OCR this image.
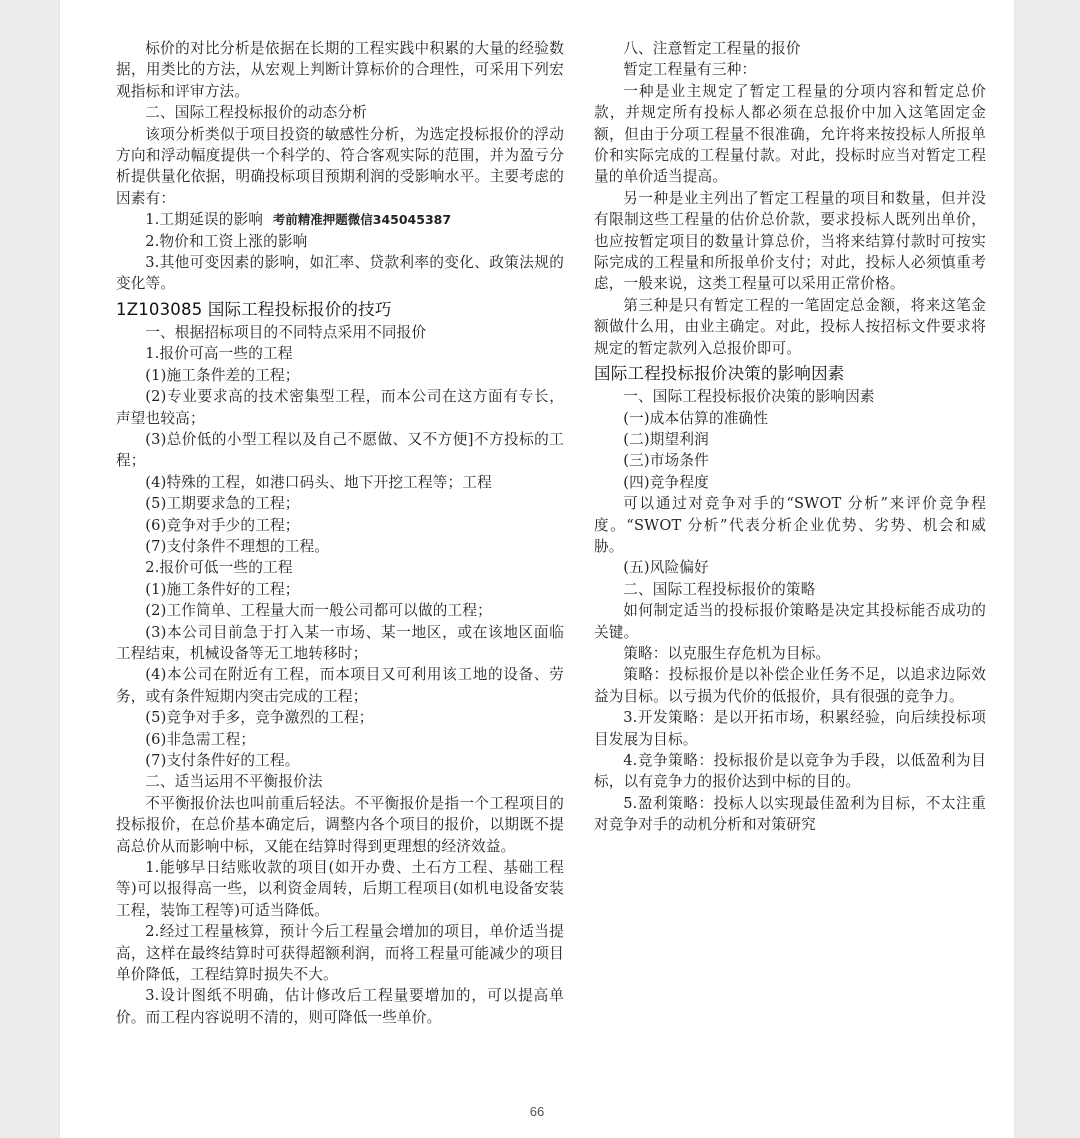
标价的对比分析是依据在长期的工程实践中积累的大量的经验数据，用类比的方法，从宏观上判断计算标价的合理性，可采用下列宏观指标和评审方法。

二、国际工程投标报价的动态分析

该项分析类似于项目投资的敏感性分析，为选定投标报价的浮动方向和浮动幅度提供一个科学的、符合客观实际的范围，并为盈亏分析提供量化依据，明确投标项目预期利润的受影响水平。主要考虑的因素有：

1.工期延误的影响 考前精准押题微信345045387

2.物价和工资上涨的影响

3.其他可变因素的影响，如汇率、贷款利率的变化、政策法规的变化等。

1Z103085 国际工程投标报价的技巧

一、根据招标项目的不同特点采用不同报价

1.报价可高一些的工程

(1)施工条件差的工程；

(2)专业要求高的技术密集型工程，而本公司在这方面有专长，声望也较高；

(3)总价低的小型工程以及自己不愿做、又不方便]不方投标的工程；

(4)特殊的工程，如港口码头、地下开挖工程等；工程

(5)工期要求急的工程；

(6)竞争对手少的工程；

(7)支付条件不理想的工程。

2.报价可低一些的工程

(1)施工条件好的工程；

(2)工作简单、工程量大而一般公司都可以做的工程；

(3)本公司目前急于打入某一市场、某一地区，或在该地区面临工程结束，机械设备等无工地转移时；

(4)本公司在附近有工程，而本项目又可利用该工地的设备、劳务，或有条件短期内突击完成的工程；

(5)竞争对手多，竞争激烈的工程；

(6)非急需工程；

(7)支付条件好的工程。

二、适当运用不平衡报价法

不平衡报价法也叫前重后轻法。不平衡报价是指一个工程项目的投标报价，在总价基本确定后，调整内各个项目的报价，以期既不提高总价从而影响中标，又能在结算时得到更理想的经济效益。

1.能够早日结账收款的项目(如开办费、土石方工程、基础工程等)可以报得高一些，以利资金周转，后期工程项目(如机电设备安装工程，装饰工程等)可适当降低。

2.经过工程量核算，预计今后工程量会增加的项目，单价适当提高，这样在最终结算时可获得超额利润，而将工程量可能减少的项目单价降低，工程结算时损失不大。

3.设计图纸不明确，估计修改后工程量要增加的，可以提高单价。而工程内容说明不清的，则可降低一些单价。

八、注意暂定工程量的报价

暂定工程量有三种：

一种是业主规定了暂定工程量的分项内容和暂定总价款，并规定所有投标人都必须在总报价中加入这笔固定金额，但由于分项工程量不很准确，允许将来按投标人所报单价和实际完成的工程量付款。对此，投标时应当对暂定工程量的单价适当提高。

另一种是业主列出了暂定工程量的项目和数量，但并没有限制这些工程量的估价总价款，要求投标人既列出单价，也应按暂定项目的数量计算总价，当将来结算付款时可按实际完成的工程量和所报单价支付；对此，投标人必须慎重考虑，一般来说，这类工程量可以采用正常价格。

第三种是只有暂定工程的一笔固定总金额，将来这笔金额做什么用，由业主确定。对此，投标人按招标文件要求将规定的暂定款列入总报价即可。

国际工程投标报价决策的影响因素

一、国际工程投标报价决策的影响因素

(一)成本估算的准确性

(二)期望利润

(三)市场条件

(四)竞争程度

可以通过对竞争对手的“SWOT 分析”来评价竞争程度。“SWOT 分析”代表分析企业优势、劣势、机会和威胁。

(五)风险偏好

二、国际工程投标报价的策略

如何制定适当的投标报价策略是决定其投标能否成功的关键。

策略：以克服生存危机为目标。

策略：投标报价是以补偿企业任务不足，以追求边际效益为目标。以亏损为代价的低报价，具有很强的竞争力。

3.开发策略：是以开拓市场，积累经验，向后续投标项目发展为目标。

4.竞争策略：投标报价是以竞争为手段，以低盈利为目标，以有竞争力的报价达到中标的目的。

5.盈利策略：投标人以实现最佳盈利为目标，不太注重对竞争对手的动机分析和对策研究

66
